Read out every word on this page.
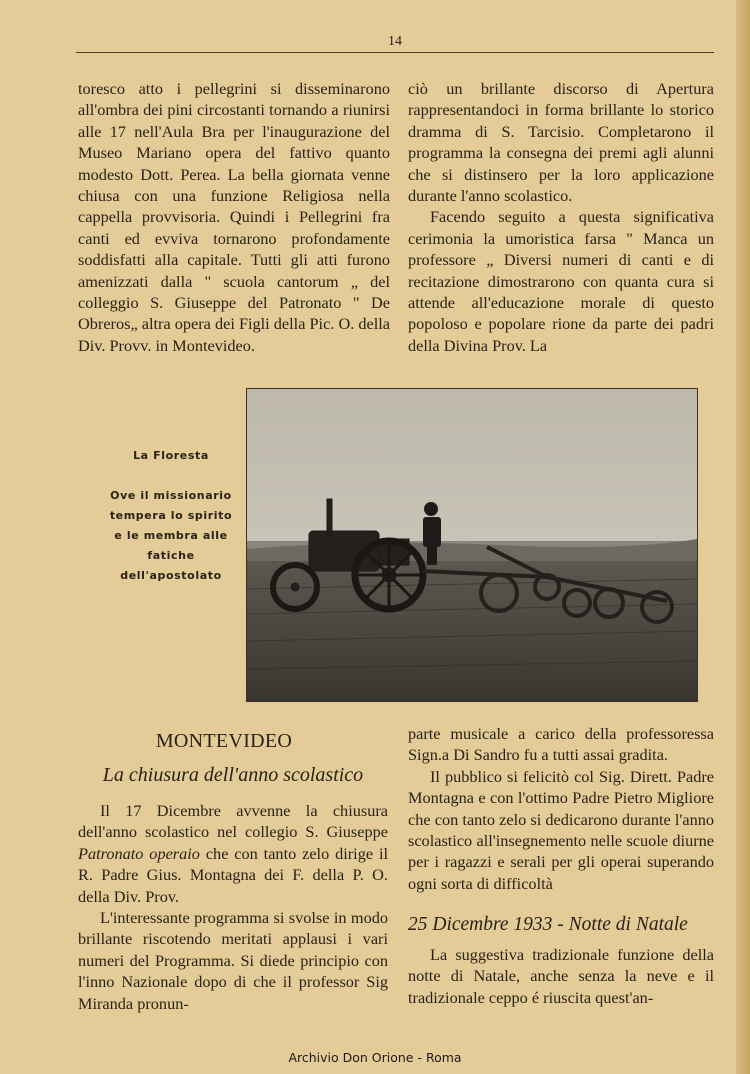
14

toresco atto i pellegrini si disseminarono all'ombra dei pini circostanti tornando a riunirsi alle 17 nell'Aula Bra per l'inaugurazione del Museo Mariano opera del fattivo quanto modesto Dott. Perea. La bella giornata venne chiusa con una funzione Religiosa nella cappella provvisoria. Quindi i Pellegrini fra canti ed evviva tornarono profondamente soddisfatti alla capitale. Tutti gli atti furono amenizzati dalla " scuola cantorum „ del colleggio S. Giuseppe del Patronato " De Obreros„ altra opera dei Figli della Pic. O. della Div. Provv. in Montevideo.

ciò un brillante discorso di Apertura rappresentandoci in forma brillante lo storico dramma di S. Tarcisio. Completarono il programma la consegna dei premi agli alunni che si distinsero per la loro applicazione durante l'anno scolastico.

Facendo seguito a questa significativa cerimonia la umoristica farsa " Manca un professore „ Diversi numeri di canti e di recitazione dimostrarono con quanta cura si attende all'educazione morale di questo popoloso e popolare rione da parte dei padri della Divina Prov. La

La Floresta
Ove il missionario tempera lo spirito e le membra alle fatiche dell'apostolato
MONTEVIDEO
La chiusura dell'anno scolastico

Il 17 Dicembre avvenne la chiusura dell'anno scolastico nel collegio S. Giuseppe Patronato operaio che con tanto zelo dirige il R. Padre Gius. Montagna dei F. della P. O. della Div. Prov.

L'interessante programma si svolse in modo brillante riscotendo meritati applausi i vari numeri del Programma. Si diede principio con l'inno Nazionale dopo di che il professor Sig Miranda pronun-

parte musicale a carico della professoressa Sign.a Di Sandro fu a tutti assai gradita.

Il pubblico si felicitò col Sig. Dirett. Padre Montagna e con l'ottimo Padre Pietro Migliore che con tanto zelo si dedicarono durante l'anno scolastico all'insegnemento nelle scuole diurne per i ragazzi e serali per gli operai superando ogni sorta di difficoltà

25 Dicembre 1933 - Notte di Natale

La suggestiva tradizionale funzione della notte di Natale, anche senza la neve e il tradizionale ceppo é riuscita quest'an-

Archivio Don Orione - Roma
